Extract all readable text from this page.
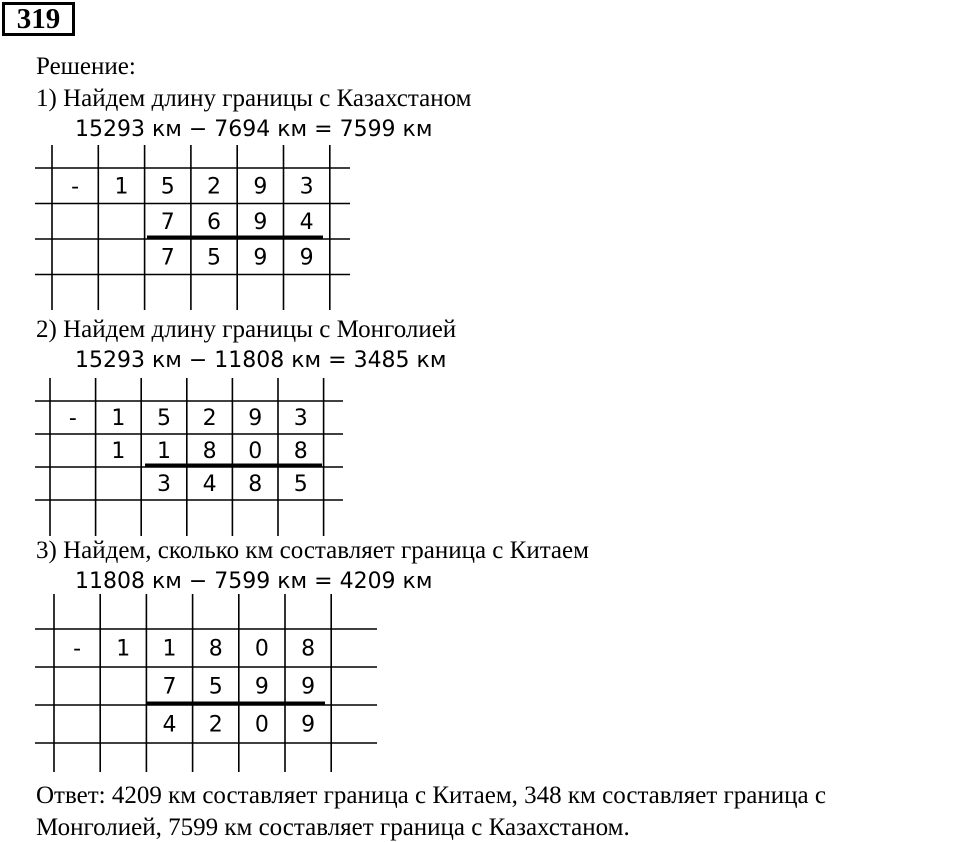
319
Решение:
1) Найдем длину границы с Казахстаном
15293 км − 7694 км = 7599 км
- 1 5 2 9 3
7 6 9 4
7 5 9 9
2) Найдем длину границы с Монголией
15293 км − 11808 км = 3485 км
- 1 5 2 9 3
1 1 8 0 8
3 4 8 5
3) Найдем, сколько км составляет граница с Китаем
11808 км − 7599 км = 4209 км
- 1 1 8 0 8
7 5 9 9
4 2 0 9
Ответ: 4209 км составляет граница с Китаем, 348 км составляет граница с
Монголией, 7599 км составляет граница с Казахстаном.
